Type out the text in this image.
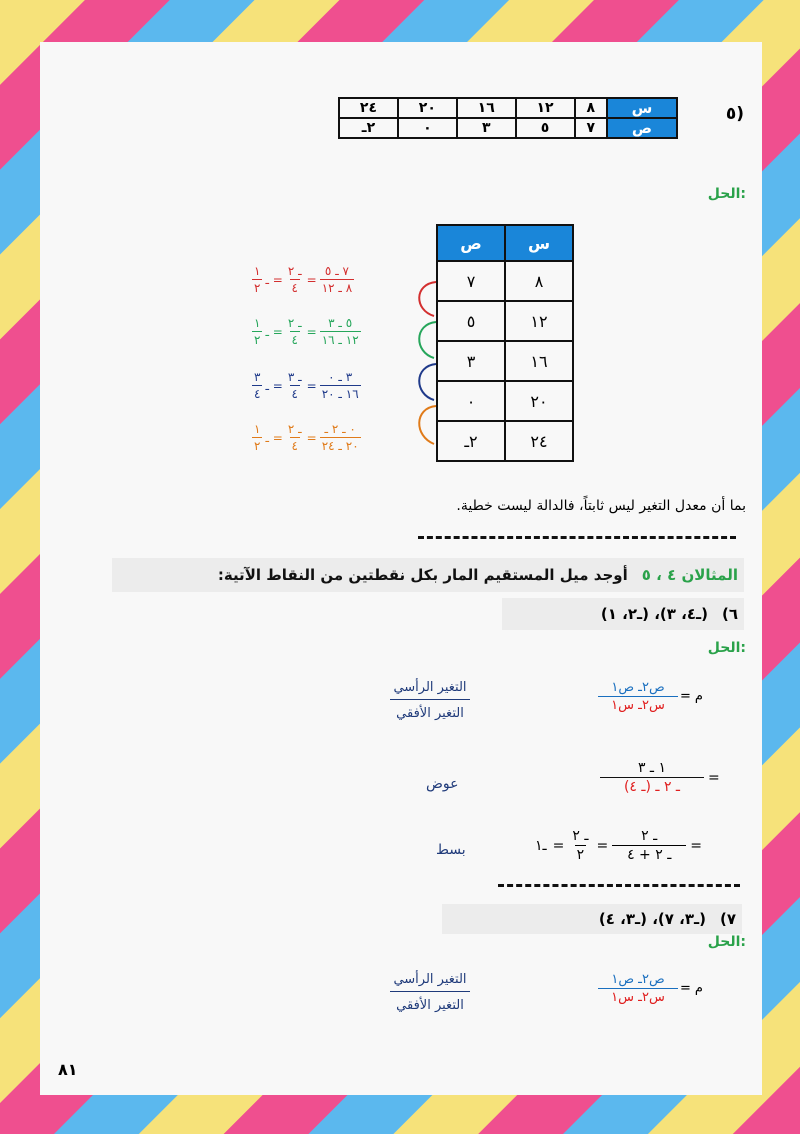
٥)
س	٨	١٢	١٦	٢٠	٢٤
ص	٧	٥	٣	٠	٢ـ
الحل:
س	ص
٨	٧
١٢	٥
١٦	٣
٢٠	٠
٢٤	٢ـ
$\frac{١}{٢}$ ـ = $\frac{\text{ـ ٢}}{٤} = \frac{\text{٧ ـ ٥}}{\text{٨ ـ ١٢}}$
$\frac{١}{٢}$ ـ = $\frac{\text{ـ ٢}}{٤} = \frac{\text{٥ ـ ٣}}{\text{١٢ ـ ١٦}}$
$\frac{٣}{٤}$ ـ = $\frac{\text{ـ ٣}}{٤} = \frac{\text{٣ ـ ٠}}{\text{١٦ ـ ٢٠}}$
$\frac{١}{٢}$ ـ = $\frac{\text{ـ ٢}}{٤} = \frac{\text{٠ ـ ٢ ـ}}{\text{٢٠ ـ ٢٤}}$
بما أن معدل التغير ليس ثابتاً، فالدالة ليست خطية.
المثالان ٤ ، ٥
أوجد ميل المستقيم المار بكل نقطتين من النقاط الآتية:
٦)
(ـ٤، ٣)، (ـ٢، ١)
الحل:
م
=
$\frac{\text{ص٢ـ ص١}}{\text{س٢ـ س١}}$
التغير الرأسي
التغير الأفقي
$\frac{\text{١ ـ ٣}}{\text{ـ ٢ ـ (ـ ٤)}}$ =
عوض
ـ١ = $\frac{\text{ـ ٢}}{٢} = \frac{\text{ـ ٢}}{\text{ـ ٢ + ٤}}$ =
بسط
٧)
(ـ٣، ٧)، (ـ٣، ٤)
الحل:
م
=
$\frac{\text{ص٢ـ ص١}}{\text{س٢ـ س١}}$
التغير الرأسي
التغير الأفقي
٨١
